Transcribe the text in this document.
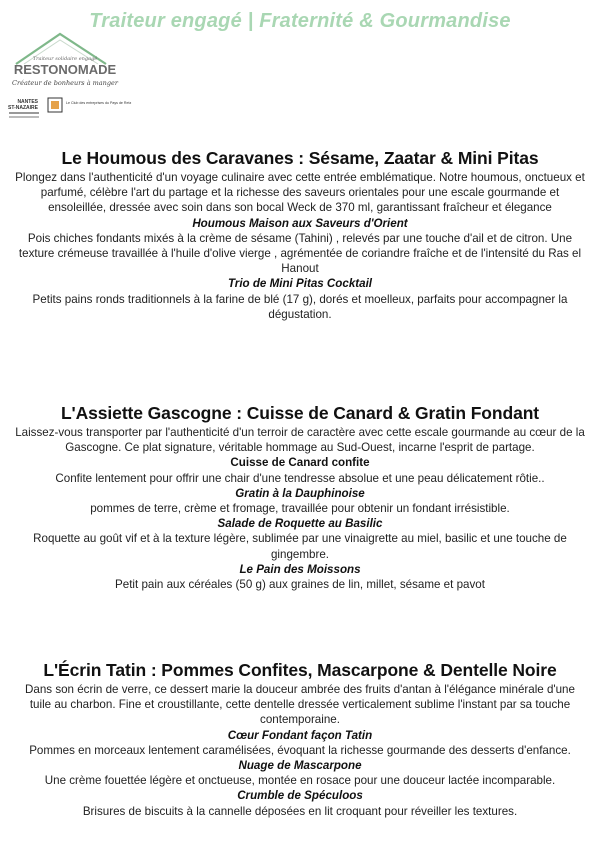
Traiteur engagé | Fraternité & Gourmandise
Traiteur solidaire engagé
RESTONOMADE
Créateur de bonheurs à manger
NANTES
ST-NAZAIRE
Le Club des entreprises du Pays de Retz
Le Houmous des Caravanes : Sésame, Zaatar & Mini Pitas

Plongez dans l'authenticité d'un voyage culinaire avec cette entrée emblématique. Notre houmous, onctueux et parfumé, célèbre l'art du partage et la richesse des saveurs orientales pour une escale gourmande et ensoleillée, dressée avec soin dans son bocal Weck de 370 ml, garantissant fraîcheur et élegance

Houmous Maison aux Saveurs d'Orient

Pois chiches fondants mixés à la crème de sésame (Tahini) , relevés par une touche d'ail et de citron. Une texture crémeuse travaillée à l'huile d'olive vierge , agrémentée de coriandre fraîche et de l'intensité du Ras el Hanout

Trio de Mini Pitas Cocktail

Petits pains ronds traditionnels à la farine de blé (17 g), dorés et moelleux, parfaits pour accompagner la dégustation.

L'Assiette Gascogne : Cuisse de Canard & Gratin Fondant

Laissez-vous transporter par l'authenticité d'un terroir de caractère avec cette escale gourmande au cœur de la Gascogne. Ce plat signature, véritable hommage au Sud-Ouest, incarne l'esprit de partage.

Cuisse de Canard confite

Confite lentement pour offrir une chair d'une tendresse absolue et une peau délicatement rôtie..

Gratin à la Dauphinoise

pommes de terre, crème et fromage, travaillée pour obtenir un fondant irrésistible.

Salade de Roquette au Basilic

Roquette au goût vif et à la texture légère, sublimée par une vinaigrette au miel, basilic et une touche de gingembre.

Le Pain des Moissons

Petit pain aux céréales (50 g) aux graines de lin, millet, sésame et pavot

L'Écrin Tatin : Pommes Confites, Mascarpone & Dentelle Noire

Dans son écrin de verre, ce dessert marie la douceur ambrée des fruits d'antan à l'élégance minérale d'une tuile au charbon. Fine et croustillante, cette dentelle dressée verticalement sublime l'instant par sa touche contemporaine.

Cœur Fondant façon Tatin

Pommes en morceaux lentement caramélisées, évoquant la richesse gourmande des desserts d'enfance.

Nuage de Mascarpone

Une crème fouettée légère et onctueuse, montée en rosace pour une douceur lactée incomparable.

Crumble de Spéculoos

Brisures de biscuits à la cannelle déposées en lit croquant pour réveiller les textures.
